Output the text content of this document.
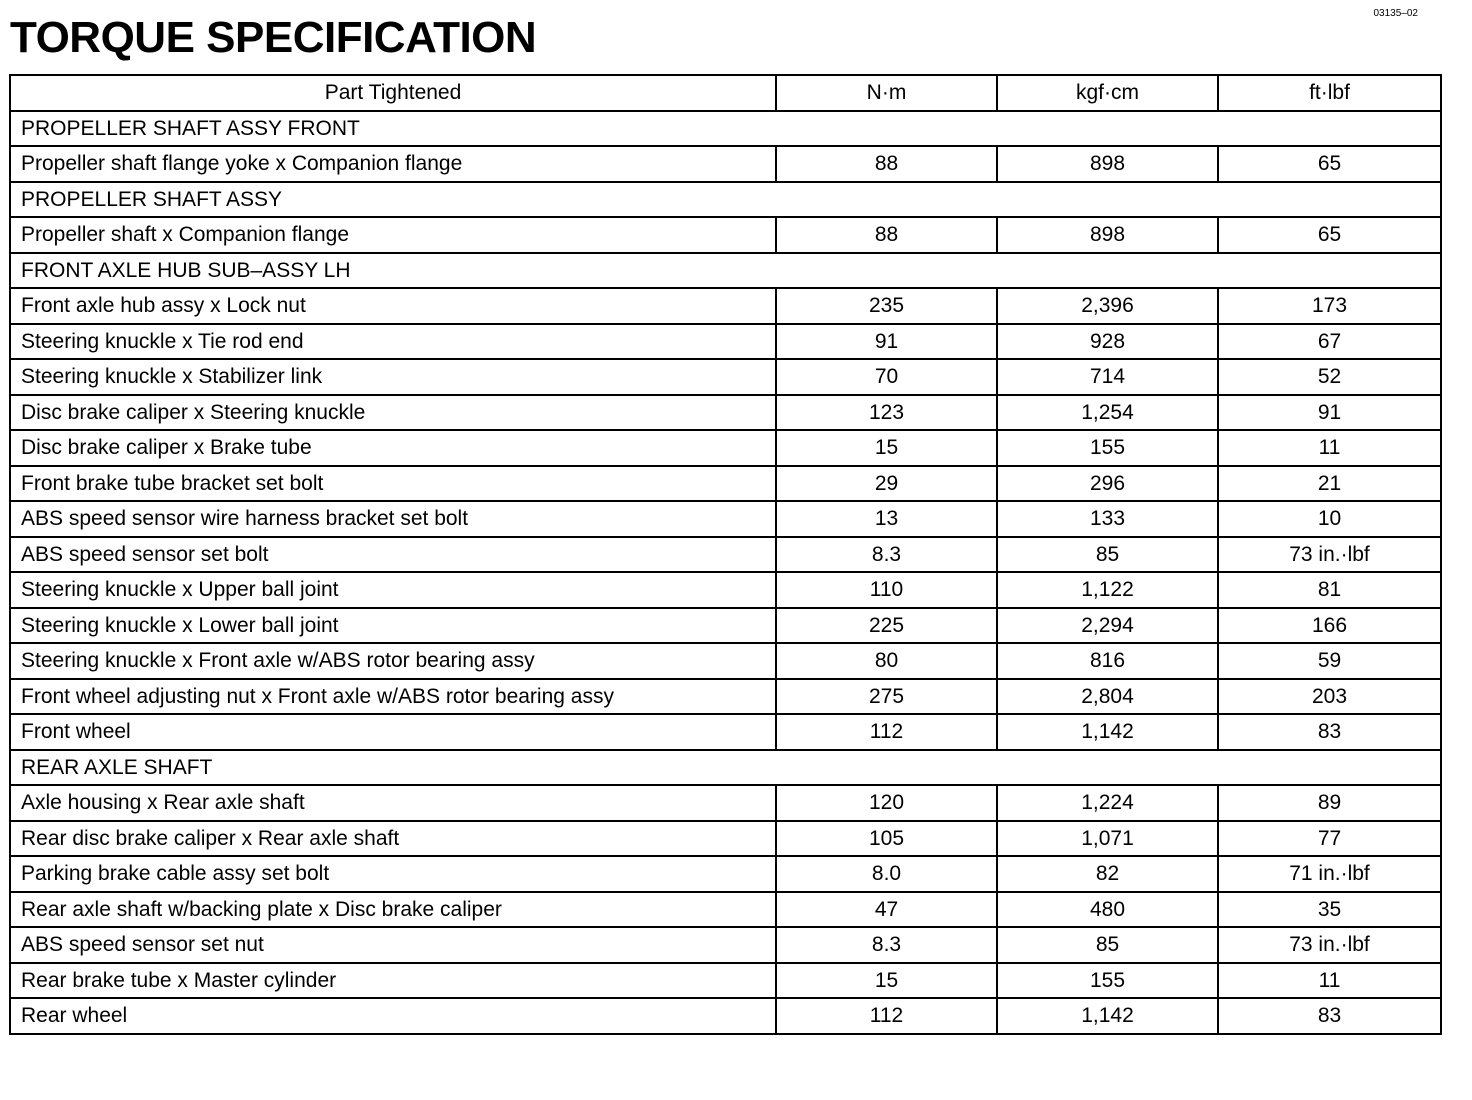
03135–02
TORQUE SPECIFICATION
Part Tightened	N·m	kgf·cm	ft·lbf
PROPELLER SHAFT ASSY FRONT			
Propeller shaft flange yoke x Companion flange	88	898	65
PROPELLER SHAFT ASSY			
Propeller shaft x Companion flange	88	898	65
FRONT AXLE HUB SUB–ASSY LH			
Front axle hub assy x Lock nut	235	2,396	173
Steering knuckle x Tie rod end	91	928	67
Steering knuckle x Stabilizer link	70	714	52
Disc brake caliper x Steering knuckle	123	1,254	91
Disc brake caliper x Brake tube	15	155	11
Front brake tube bracket set bolt	29	296	21
ABS speed sensor wire harness bracket set bolt	13	133	10
ABS speed sensor set bolt	8.3	85	73 in.·lbf
Steering knuckle x Upper ball joint	110	1,122	81
Steering knuckle x Lower ball joint	225	2,294	166
Steering knuckle x Front axle w/ABS rotor bearing assy	80	816	59
Front wheel adjusting nut x Front axle w/ABS rotor bearing assy	275	2,804	203
Front wheel	112	1,142	83
REAR AXLE SHAFT			
Axle housing x Rear axle shaft	120	1,224	89
Rear disc brake caliper x Rear axle shaft	105	1,071	77
Parking brake cable assy set bolt	8.0	82	71 in.·lbf
Rear axle shaft w/backing plate x Disc brake caliper	47	480	35
ABS speed sensor set nut	8.3	85	73 in.·lbf
Rear brake tube x Master cylinder	15	155	11
Rear wheel	112	1,142	83
